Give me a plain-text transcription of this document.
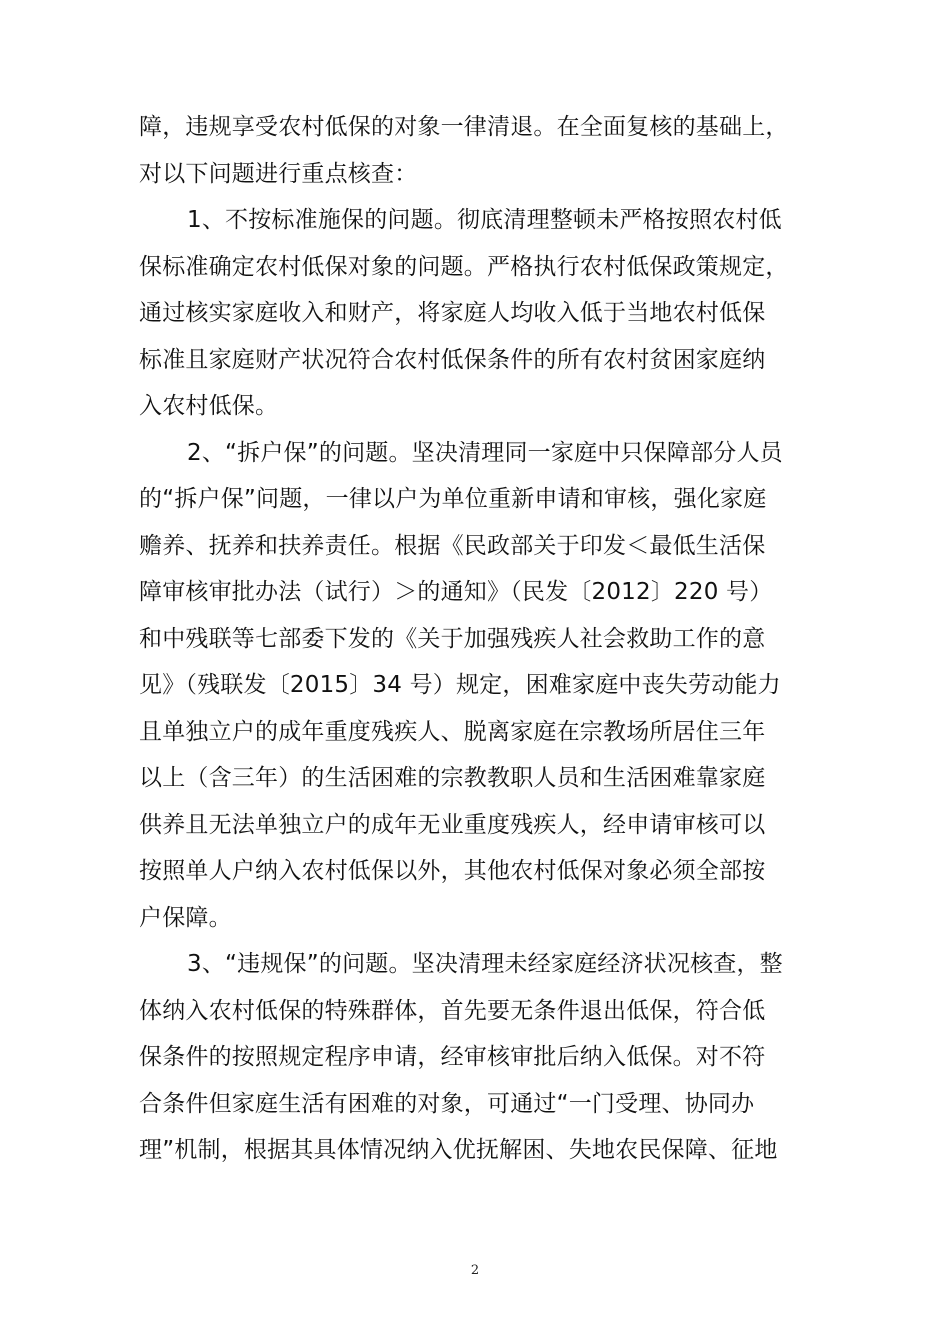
障，违规享受农村低保的对象一律清退。在全面复核的基础上，
对以下问题进行重点核查：
1、不按标准施保的问题。彻底清理整顿未严格按照农村低
保标准确定农村低保对象的问题。严格执行农村低保政策规定，
通过核实家庭收入和财产，将家庭人均收入低于当地农村低保
标准且家庭财产状况符合农村低保条件的所有农村贫困家庭纳
入农村低保。
2、“拆户保”的问题。坚决清理同一家庭中只保障部分人员
的“拆户保”问题，一律以户为单位重新申请和审核，强化家庭
赡养、抚养和扶养责任。根据《民政部关于印发＜最低生活保
障审核审批办法（试行）＞的通知》（民发〔2012〕220 号）
和中残联等七部委下发的《关于加强残疾人社会救助工作的意
见》（残联发〔2015〕34 号）规定，困难家庭中丧失劳动能力
且单独立户的成年重度残疾人、脱离家庭在宗教场所居住三年
以上（含三年）的生活困难的宗教教职人员和生活困难靠家庭
供养且无法单独立户的成年无业重度残疾人，经申请审核可以
按照单人户纳入农村低保以外，其他农村低保对象必须全部按
户保障。
3、“违规保”的问题。坚决清理未经家庭经济状况核查，整
体纳入农村低保的特殊群体，首先要无条件退出低保，符合低
保条件的按照规定程序申请，经审核审批后纳入低保。对不符
合条件但家庭生活有困难的对象，可通过“一门受理、协同办
理”机制，根据其具体情况纳入优抚解困、失地农民保障、征地
2
